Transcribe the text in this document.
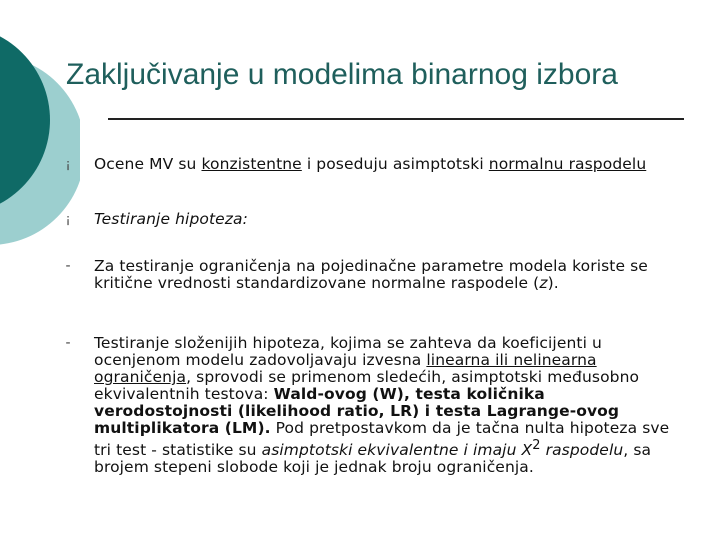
Zaključivanje u modelima binarnog izbora
¡	Ocene MV su konzistentne i poseduju asimptotski normalnu raspodelu
¡	Testiranje hipoteza:
-	Za testiranje ograničenja na pojedinačne parametre modela koriste se kritične vrednosti standardizovane normalne raspodele (z).
-	Testiranje složenijih hipoteza, kojima se zahteva da koeficijenti u ocenjenom modelu zadovoljavaju izvesna linearna ili nelinearna ograničenja, sprovodi se primenom sledećih, asimptotski međusobno ekvivalentnih testova: Wald-ovog (W), testa količnika verodostojnosti (likelihood ratio, LR) i testa Lagrange-ovog multiplikatora (LM). Pod pretpostavkom da je tačna nulta hipoteza sve tri test - statistike su asimptotski ekvivalentne i imaju $X^2$ raspodelu, sa brojem stepeni slobode koji je jednak broju ograničenja.
